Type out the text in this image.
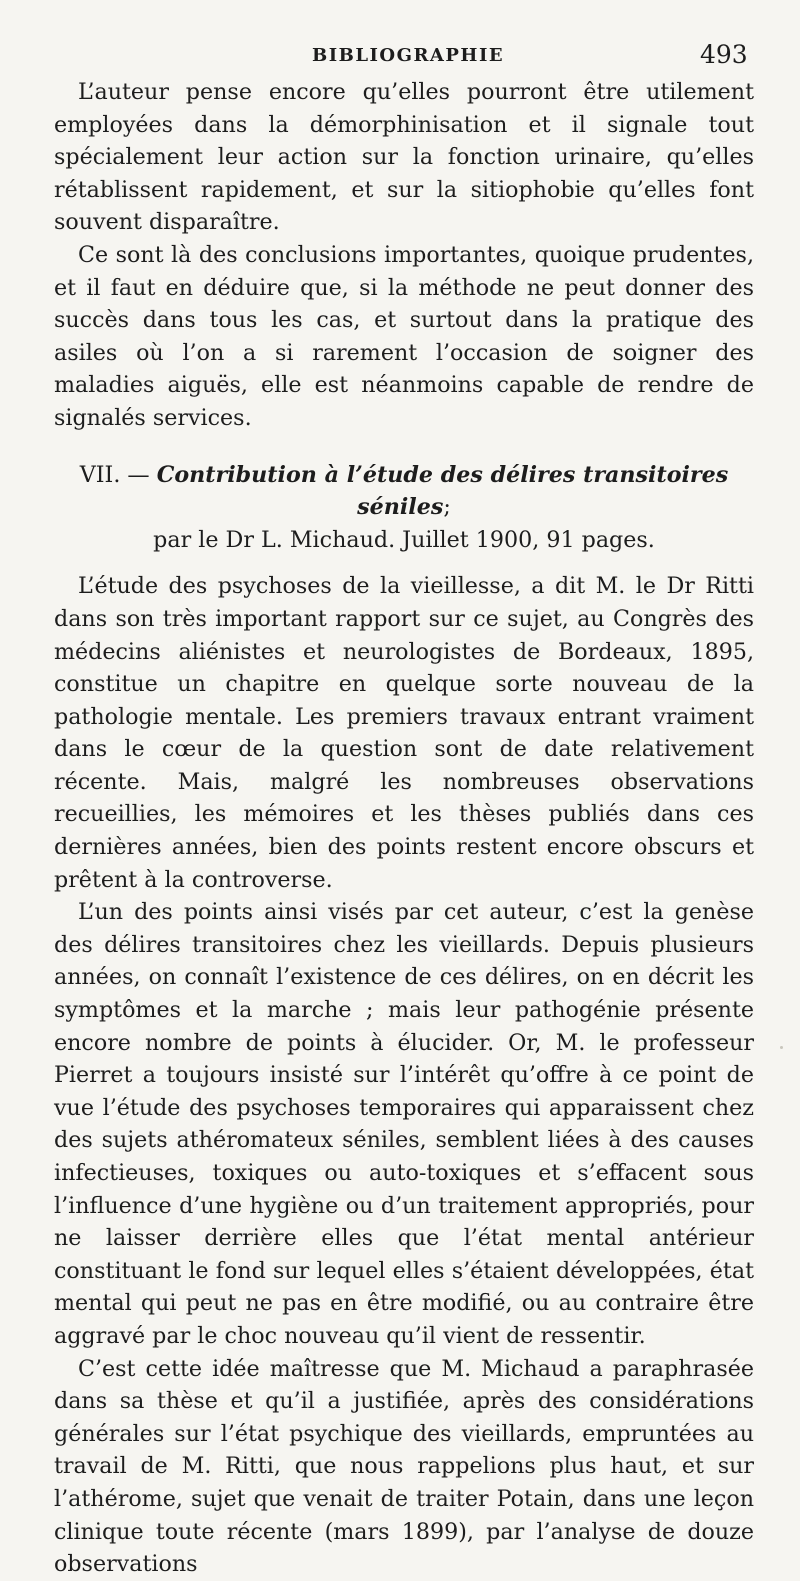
BIBLIOGRAPHIE	493

L’auteur pense encore qu’elles pourront être utilement employées dans la démorphinisation et il signale tout spécialement leur action sur la fonction urinaire, qu’elles rétablissent rapidement, et sur la sitiophobie qu’elles font souvent disparaître.

Ce sont là des conclusions importantes, quoique prudentes, et il faut en déduire que, si la méthode ne peut donner des succès dans tous les cas, et surtout dans la pratique des asiles où l’on a si rarement l’occasion de soigner des maladies aiguës, elle est néanmoins capable de rendre de signalés services.

VII. — Contribution à l’étude des délires transitoires séniles;
par le Dr L. Michaud. Juillet 1900, 91 pages.

L’étude des psychoses de la vieillesse, a dit M. le Dr Ritti dans son très important rapport sur ce sujet, au Congrès des médecins aliénistes et neurologistes de Bordeaux, 1895, constitue un chapitre en quelque sorte nouveau de la pathologie mentale. Les premiers travaux entrant vraiment dans le cœur de la question sont de date relativement récente. Mais, malgré les nombreuses observations recueillies, les mémoires et les thèses publiés dans ces dernières années, bien des points restent encore obscurs et prêtent à la controverse.

L’un des points ainsi visés par cet auteur, c’est la genèse des délires transitoires chez les vieillards. Depuis plusieurs années, on connaît l’existence de ces délires, on en décrit les symptômes et la marche ; mais leur pathogénie présente encore nombre de points à élucider. Or, M. le professeur Pierret a toujours insisté sur l’intérêt qu’offre à ce point de vue l’étude des psychoses temporaires qui apparaissent chez des sujets athéromateux séniles, semblent liées à des causes infectieuses, toxiques ou auto-toxiques et s’effacent sous l’influence d’une hygiène ou d’un traitement appropriés, pour ne laisser derrière elles que l’état mental antérieur constituant le fond sur lequel elles s’étaient développées, état mental qui peut ne pas en être modifié, ou au contraire être aggravé par le choc nouveau qu’il vient de ressentir.

C’est cette idée maîtresse que M. Michaud a paraphrasée dans sa thèse et qu’il a justifiée, après des considérations générales sur l’état psychique des vieillards, empruntées au travail de M. Ritti, que nous rappelions plus haut, et sur l’athérome, sujet que venait de traiter Potain, dans une leçon clinique toute récente (mars 1899), par l’analyse de douze observations
